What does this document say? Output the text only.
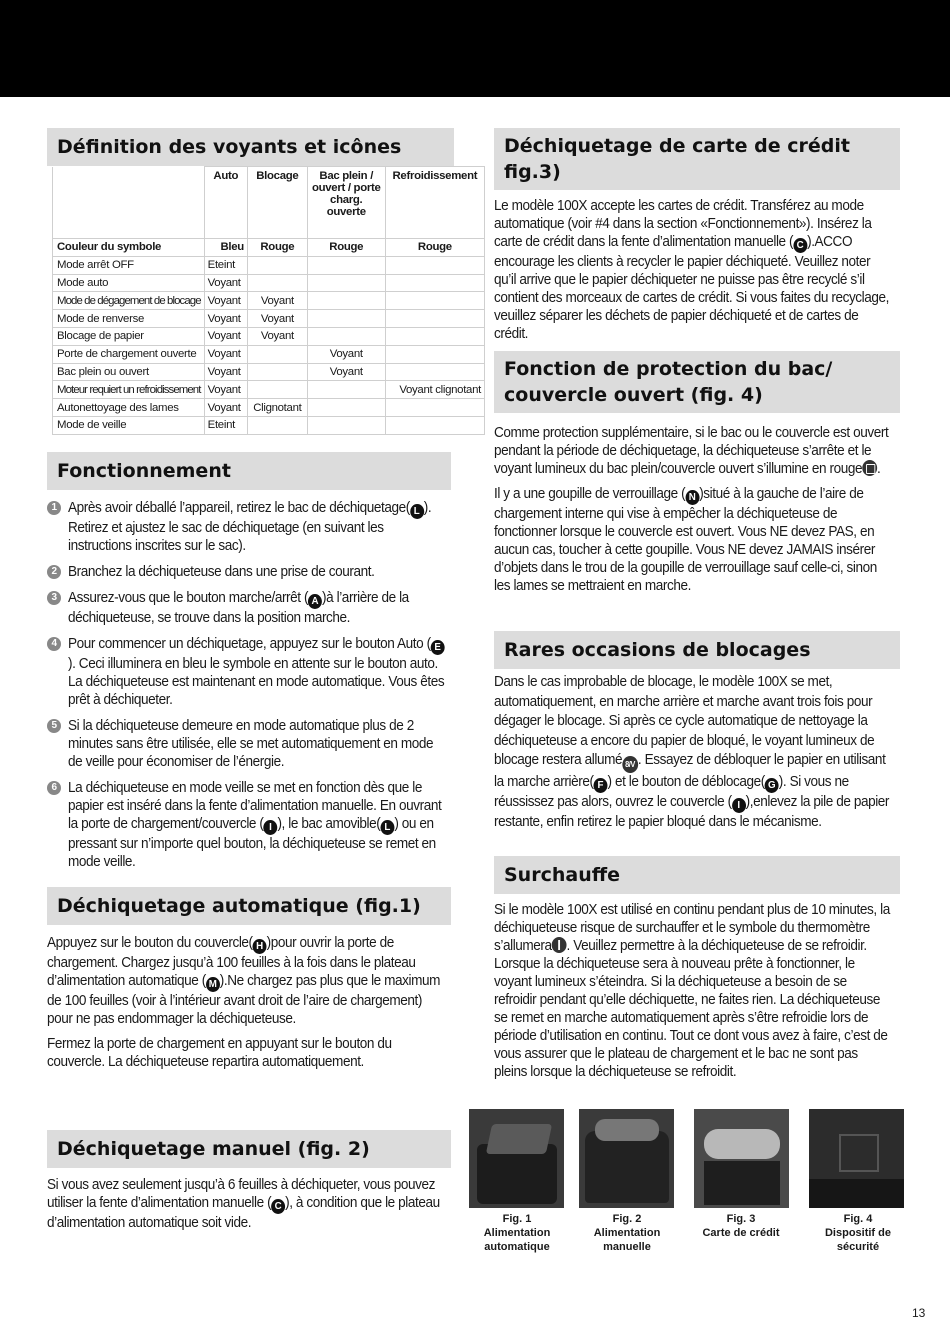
Définition des voyants et icônes
	Auto	Blocage	Bac plein / ouvert / porte charg. ouverte	Refroidissement
Couleur du symbole	Bleu	Rouge	Rouge	Rouge
Mode arrêt OFF	Eteint			
Mode auto	Voyant			
Mode de dégagement de blocage	Voyant	Voyant		
Mode de renverse	Voyant	Voyant		
Blocage de papier	Voyant	Voyant		
Porte de chargement ouverte	Voyant		Voyant	
Bac plein ou ouvert	Voyant		Voyant	
Moteur requiert un refroidissement	Voyant			Voyant clignotant
Autonettoyage des lames	Voyant	Clignotant		
Mode de veille	Eteint			
Fonctionnement
1 Après avoir déballé l’appareil, retirez le bac de déchiquetage( L ). Retirez et ajustez le sac de déchiquetage (en suivant les instructions inscrites sur le sac).
2 Branchez la déchiqueteuse dans une prise de courant.
3 Assurez-vous que le bouton marche/arrêt ( A )à l’arrière de la déchiqueteuse, se trouve dans la position marche.
4 Pour commencer un déchiquetage, appuyez sur le bouton Auto ( E). Ceci illuminera en bleu le symbole en attente sur le bouton auto. La déchiqueteuse est maintenant en mode automatique. Vous êtes prêt à déchiqueter.
5 Si la déchiqueteuse demeure en mode automatique plus de 2 minutes sans être utilisée, elle se met automatiquement en mode de veille pour économiser de l’énergie.
6 La déchiqueteuse en mode veille se met en fonction dès que le papier est inséré dans la fente d’alimentation manuelle. En ouvrant la porte de chargement/couvercle ( I ), le bac amovible( L ) ou en pressant sur n’importe quel bouton, la déchiqueteuse se remet en mode veille.
Déchiquetage automatique (fig.1)

Appuyez sur le bouton du couvercle( H )pour ouvrir la porte de chargement. Chargez jusqu’à 100 feuilles à la fois dans le plateau d’alimentation automatique ( M ).Ne chargez pas plus que le maximum de 100 feuilles (voir à l’intérieur avant droit de l’aire de chargement) pour ne pas endommager la déchiqueteuse.

Fermez la porte de chargement en appuyant sur le bouton du couvercle. La déchiqueteuse repartira automatiquement.

Déchiquetage manuel (fig. 2)

Si vous avez seulement jusqu’à 6 feuilles à déchiqueter, vous pouvez utiliser la fente d’alimentation manuelle ( C ), à condition que le plateau d’alimentation automatique soit vide.

Déchiquetage de carte de crédit fig.3)

Le modèle 100X accepte les cartes de crédit. Transférez au mode automatique (voir #4 dans la section «Fonctionnement»). Insérez la carte de crédit dans la fente d’alimentation manuelle ( C ).ACCO encourage les clients à recycler le papier déchiqueté. Veuillez noter qu’il arrive que le papier déchiqueter ne puisse pas être recyclé s’il contient des morceaux de cartes de crédit. Si vous faites du recyclage, veuillez séparer les déchets de papier déchiqueté et de cartes de crédit.

Fonction de protection du bac/ couvercle ouvert (fig. 4)

Comme protection supplémentaire, si le bac ou le couvercle est ouvert pendant la période de déchiquetage, la déchiqueteuse s’arrête et le voyant lumineux du bac plein/couvercle ouvert s’illumine en rouge .

Il y a une goupille de verrouillage ( N )situé à la gauche de l’aire de chargement interne qui vise à empêcher la déchiqueteuse de fonctionner lorsque le couvercle est ouvert. Vous NE devez PAS, en aucun cas, toucher à cette goupille. Vous NE devez JAMAIS insérer d’objets dans le trou de la goupille de verrouillage sauf celle-ci, sinon les lames se mettraient en marche.

Rares occasions de blocages

Dans le cas improbable de blocage, le modèle 100X se met, automatiquement, en marche arrière et marche avant trois fois pour dégager le blocage. Si après ce cycle automatique de nettoyage la déchiqueteuse a encore du papier de bloqué, le voyant lumineux de blocage restera allumé 8/V . Essayez de débloquer le papier en utilisant la marche arrière( F ) et le bouton de déblocage( G ). Si vous ne réussissez pas alors, ouvrez le couvercle ( I ),enlevez la pile de papier restante, enfin retirez le papier bloqué dans le mécanisme.

Surchauffe

Si le modèle 100X est utilisé en continu pendant plus de 10 minutes, la déchiqueteuse risque de surchauffer et le symbole du thermomètre s’allumera . Veuillez permettre à la déchiqueteuse de se refroidir. Lorsque la déchiqueteuse sera à nouveau prête à fonctionner, le voyant lumineux s’éteindra. Si la déchiqueteuse a besoin de se refroidir pendant qu’elle déchiquette, ne faites rien. La déchiqueteuse se remet en marche automatiquement après s’être refroidie lors de période d’utilisation en continu. Tout ce dont vous avez à faire, c’est de vous assurer que le plateau de chargement et le bac ne sont pas pleins lorsque la déchiqueteuse se refroidit.

Fig. 1
Alimentation automatique
Fig. 2
Alimentation manuelle
Fig. 3
Carte de crédit
Fig. 4
Dispositif de sécurité
13
